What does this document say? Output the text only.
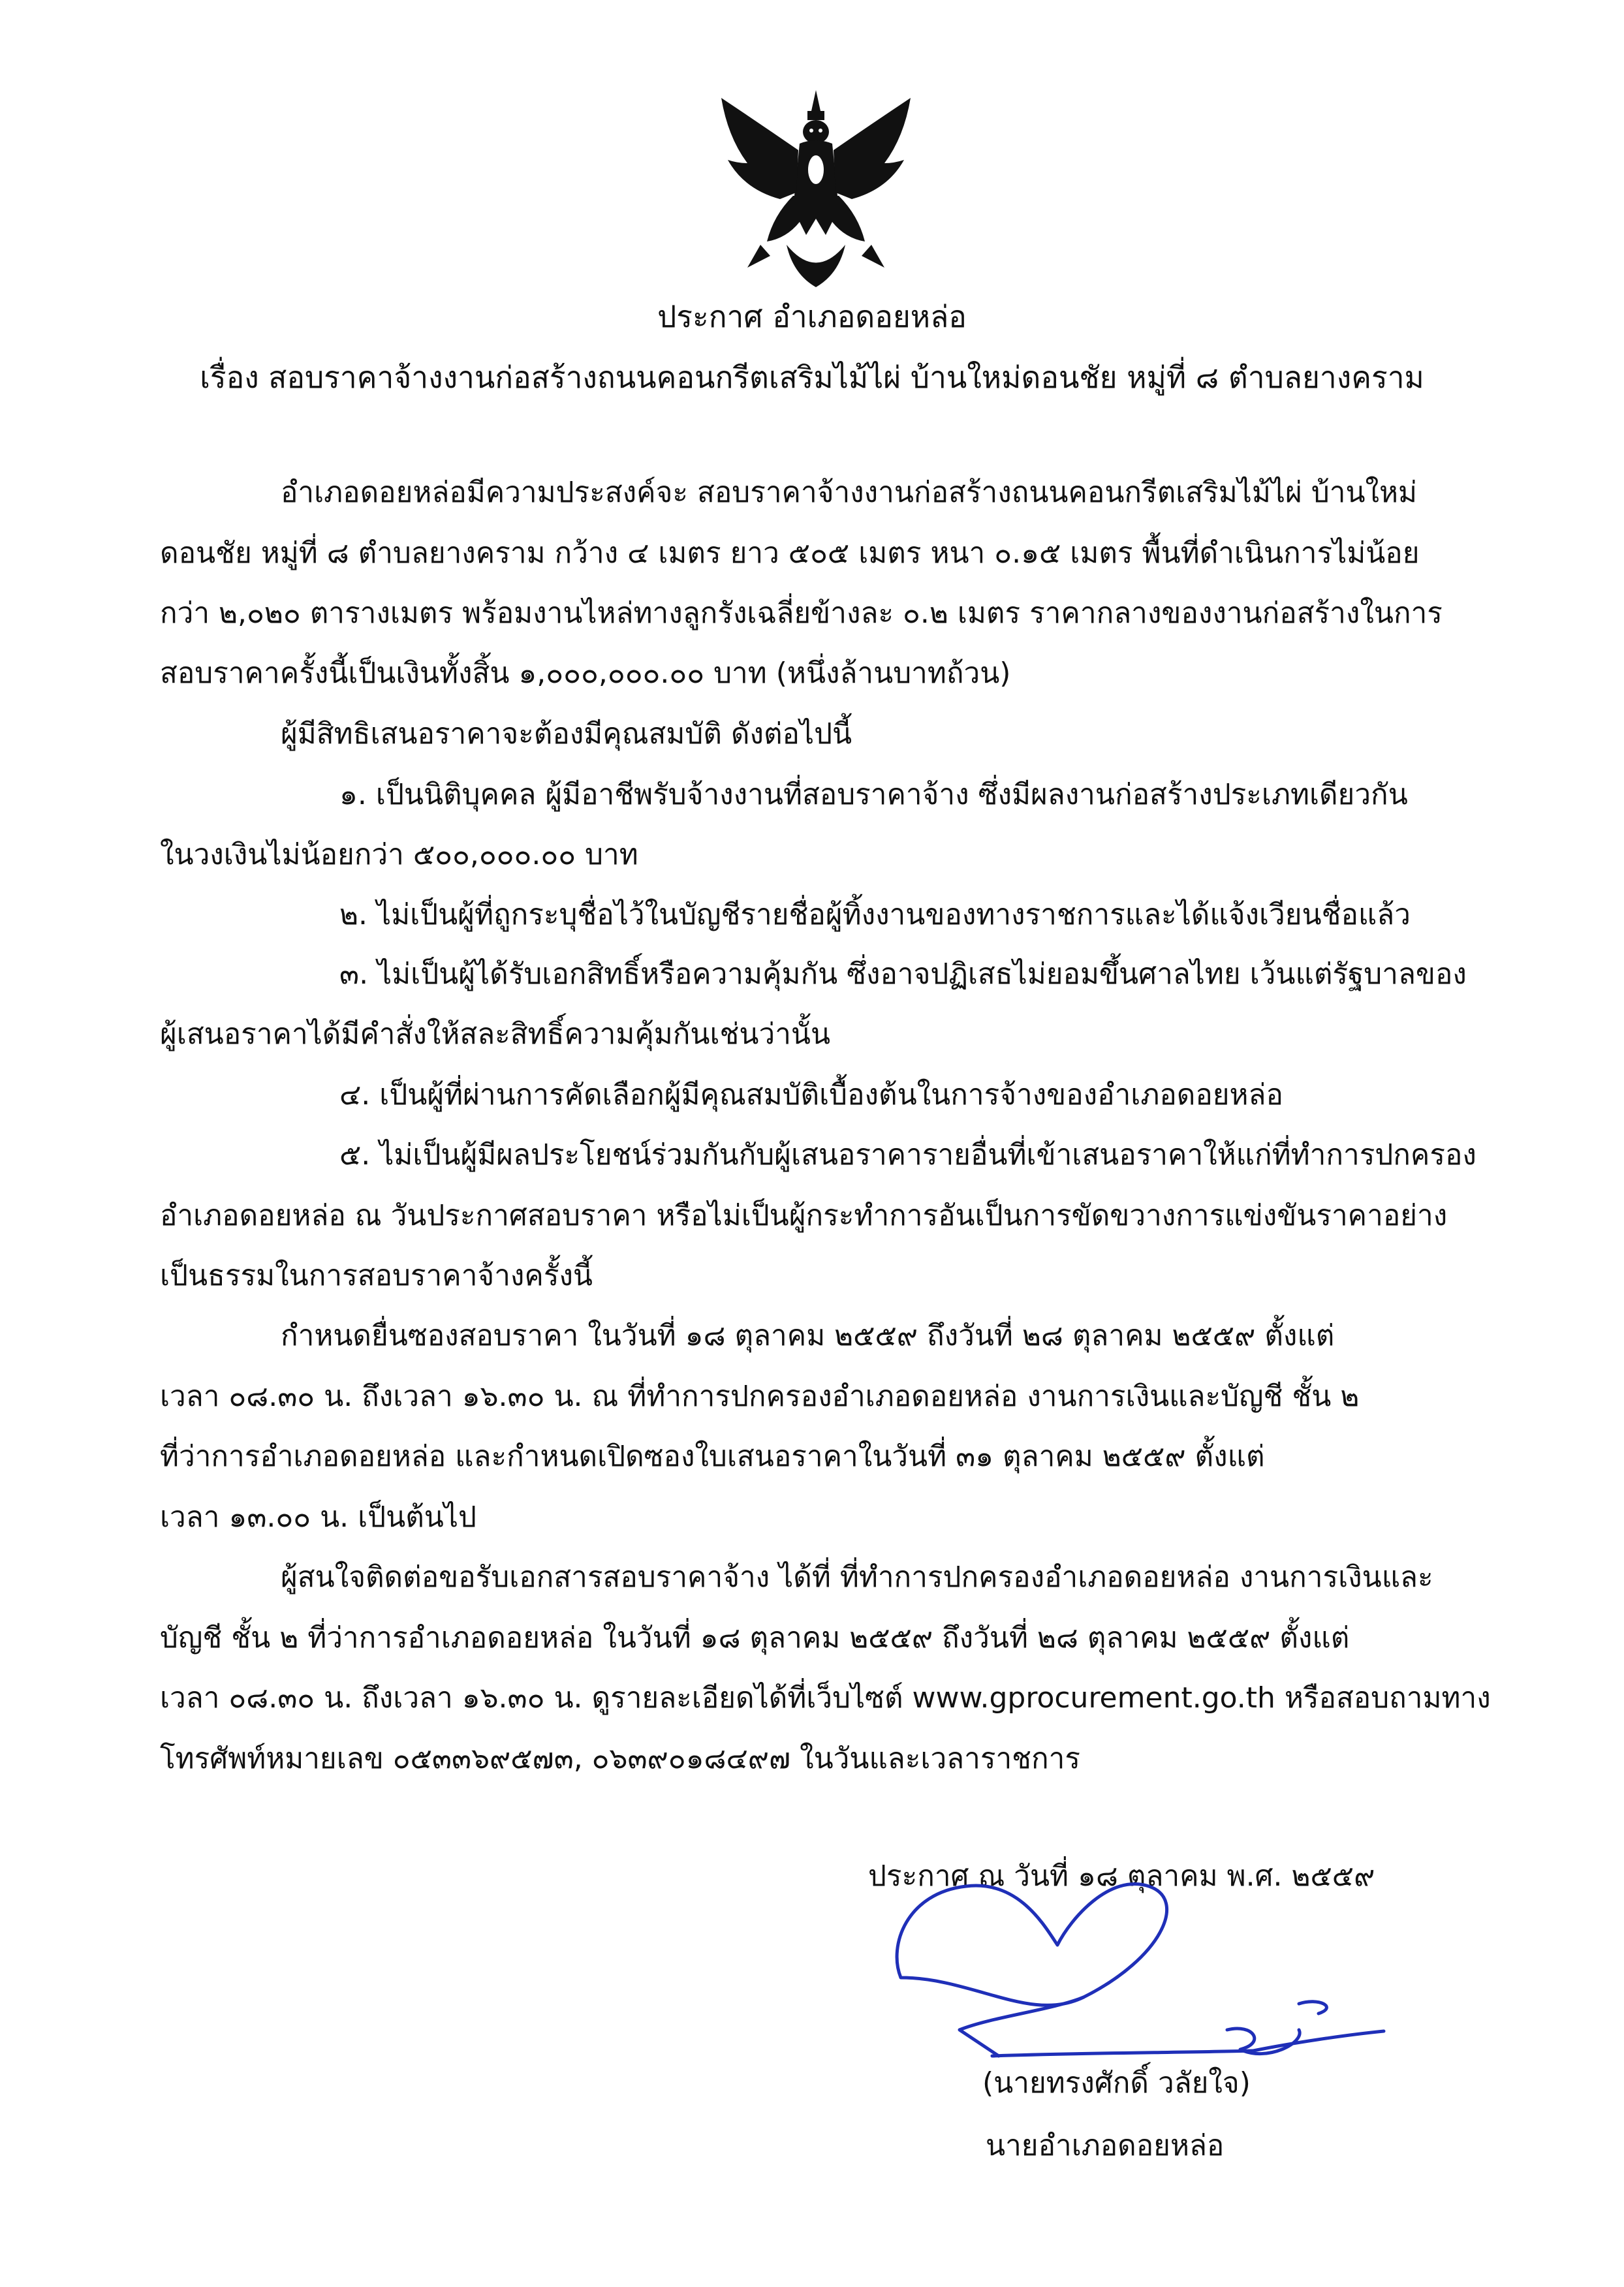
ประกาศ อำเภอดอยหล่อ
เรื่อง สอบราคาจ้างงานก่อสร้างถนนคอนกรีตเสริมไม้ไผ่ บ้านใหม่ดอนชัย หมู่ที่ ๘ ตำบลยางคราม
อำเภอดอยหล่อมีความประสงค์จะ สอบราคาจ้างงานก่อสร้างถนนคอนกรีตเสริมไม้ไผ่ บ้านใหม่
ดอนชัย หมู่ที่ ๘ ตำบลยางคราม กว้าง ๔ เมตร ยาว ๕๐๕ เมตร หนา ๐.๑๕ เมตร พื้นที่ดำเนินการไม่น้อย
กว่า ๒,๐๒๐ ตารางเมตร พร้อมงานไหล่ทางลูกรังเฉลี่ยข้างละ ๐.๒ เมตร ราคากลางของงานก่อสร้างในการ
สอบราคาครั้งนี้เป็นเงินทั้งสิ้น ๑,๐๐๐,๐๐๐.๐๐ บาท (หนึ่งล้านบาทถ้วน)
ผู้มีสิทธิเสนอราคาจะต้องมีคุณสมบัติ ดังต่อไปนี้
๑. เป็นนิติบุคคล ผู้มีอาชีพรับจ้างงานที่สอบราคาจ้าง ซึ่งมีผลงานก่อสร้างประเภทเดียวกัน
ในวงเงินไม่น้อยกว่า ๕๐๐,๐๐๐.๐๐ บาท
๒. ไม่เป็นผู้ที่ถูกระบุชื่อไว้ในบัญชีรายชื่อผู้ทิ้งงานของทางราชการและได้แจ้งเวียนชื่อแล้ว
๓. ไม่เป็นผู้ได้รับเอกสิทธิ์หรือความคุ้มกัน ซึ่งอาจปฏิเสธไม่ยอมขึ้นศาลไทย เว้นแต่รัฐบาลของ
ผู้เสนอราคาได้มีคำสั่งให้สละสิทธิ์ความคุ้มกันเช่นว่านั้น
๔. เป็นผู้ที่ผ่านการคัดเลือกผู้มีคุณสมบัติเบื้องต้นในการจ้างของอำเภอดอยหล่อ
๕. ไม่เป็นผู้มีผลประโยชน์ร่วมกันกับผู้เสนอราคารายอื่นที่เข้าเสนอราคาให้แก่ที่ทำการปกครอง
อำเภอดอยหล่อ ณ วันประกาศสอบราคา หรือไม่เป็นผู้กระทำการอันเป็นการขัดขวางการแข่งขันราคาอย่าง
เป็นธรรมในการสอบราคาจ้างครั้งนี้
กำหนดยื่นซองสอบราคา ในวันที่ ๑๘ ตุลาคม ๒๕๕๙ ถึงวันที่ ๒๘ ตุลาคม ๒๕๕๙ ตั้งแต่
เวลา ๐๘.๓๐ น. ถึงเวลา ๑๖.๓๐ น. ณ ที่ทำการปกครองอำเภอดอยหล่อ งานการเงินและบัญชี ชั้น ๒
ที่ว่าการอำเภอดอยหล่อ และกำหนดเปิดซองใบเสนอราคาในวันที่ ๓๑ ตุลาคม ๒๕๕๙ ตั้งแต่
เวลา ๑๓.๐๐ น. เป็นต้นไป
ผู้สนใจติดต่อขอรับเอกสารสอบราคาจ้าง ได้ที่ ที่ทำการปกครองอำเภอดอยหล่อ งานการเงินและ
บัญชี ชั้น ๒ ที่ว่าการอำเภอดอยหล่อ ในวันที่ ๑๘ ตุลาคม ๒๕๕๙ ถึงวันที่ ๒๘ ตุลาคม ๒๕๕๙ ตั้งแต่
เวลา ๐๘.๓๐ น. ถึงเวลา ๑๖.๓๐ น. ดูรายละเอียดได้ที่เว็บไซต์ www.gprocurement.go.th หรือสอบถามทาง
โทรศัพท์หมายเลข ๐๕๓๓๖๙๕๗๓, ๐๖๓๙๐๑๘๔๙๗ ในวันและเวลาราชการ
ประกาศ ณ วันที่ ๑๘ ตุลาคม พ.ศ. ๒๕๕๙
(นายทรงศักดิ์ วลัยใจ)
นายอำเภอดอยหล่อ
